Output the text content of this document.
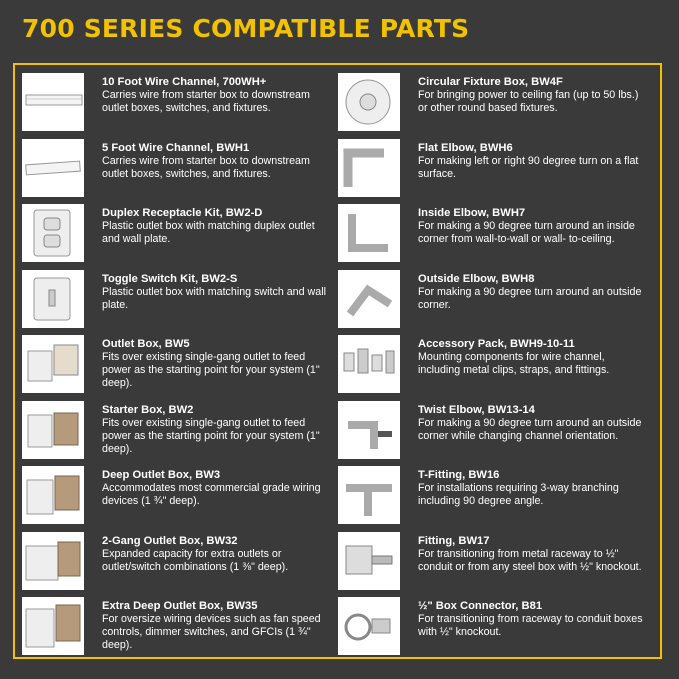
700 SERIES COMPATIBLE PARTS
10 Foot Wire Channel, 700WH+
Carries wire from starter box to downstream outlet boxes, switches, and fixtures.
5 Foot Wire Channel, BWH1
Carries wire from starter box to downstream outlet boxes, switches, and fixtures.
Duplex Receptacle Kit, BW2-D
Plastic outlet box with matching duplex outlet and wall plate.
Toggle Switch Kit, BW2-S
Plastic outlet box with matching switch and wall plate.
Outlet Box, BW5
Fits over existing single-gang outlet to feed power as the starting point for your system (1" deep).
Starter Box, BW2
Fits over existing single-gang outlet to feed power as the starting point for your system (1" deep).
Deep Outlet Box, BW3
Accommodates most commercial grade wiring devices (1 ¾" deep).
2-Gang Outlet Box, BW32
Expanded capacity for extra outlets or outlet/switch combinations (1 ⅜" deep).
Extra Deep Outlet Box, BW35
For oversize wiring devices such as fan speed controls, dimmer switches, and GFCIs (1 ¾" deep).
Circular Fixture Box, BW4F
For bringing power to ceiling fan (up to 50 lbs.) or other round based fixtures.
Flat Elbow, BWH6
For making left or right 90 degree turn on a flat surface.
Inside Elbow, BWH7
For making a 90 degree turn around an inside corner from wall-to-wall or wall- to-ceiling.
Outside Elbow, BWH8
For making a 90 degree turn around an outside corner.
Accessory Pack, BWH9-10-11
Mounting components for wire channel, including metal clips, straps, and fittings.
Twist Elbow, BW13-14
For making a 90 degree turn around an outside corner while changing channel orientation.
T-Fitting, BW16
For installations requiring 3-way branching including 90 degree angle.
Fitting, BW17
For transitioning from metal raceway to ½" conduit or from any steel box with ½" knockout.
½" Box Connector, B81
For transitioning from raceway to conduit boxes with ½" knockout.
